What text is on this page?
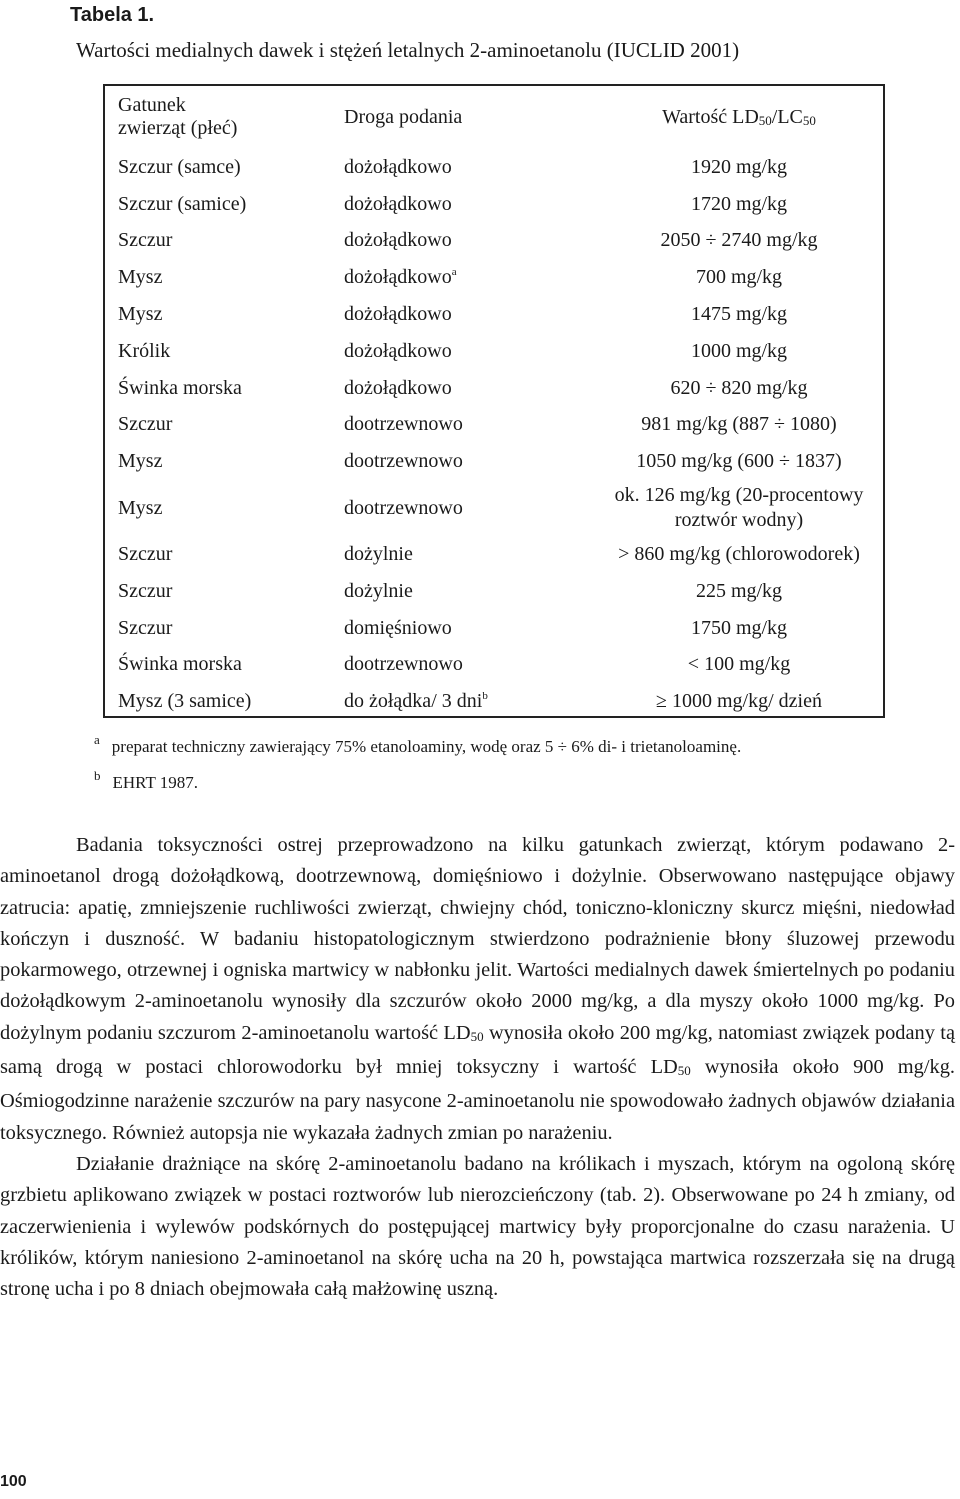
Tabela 1.
Wartości medialnych dawek i stężeń letalnych 2-aminoetanolu (IUCLID 2001)
Gatunek
zwierząt (płeć)	Droga podania	Wartość $LD_{50}/LC_{50}$
Szczur (samce)	dożołądkowo	1920 mg/kg
Szczur (samice)	dożołądkowo	1720 mg/kg
Szczur	dożołądkowo	2050 ÷ 2740 mg/kg
Mysz	dożołądkowo$^a$	700 mg/kg
Mysz	dożołądkowo	1475 mg/kg
Królik	dożołądkowo	1000 mg/kg
Świnka morska	dożołądkowo	620 ÷ 820 mg/kg
Szczur	dootrzewnowo	981 mg/kg (887 ÷ 1080)
Mysz	dootrzewnowo	1050 mg/kg (600 ÷ 1837)
Mysz	dootrzewnowo	ok. 126 mg/kg (20-procentowy
roztwór wodny)
Szczur	dożylnie	> 860 mg/kg (chlorowodorek)
Szczur	dożylnie	225 mg/kg
Szczur	domięśniowo	1750 mg/kg
Świnka morska	dootrzewnowo	< 100 mg/kg
Mysz (3 samice)	do żołądka/ 3 dni$^b$	≥ 1000 mg/kg/ dzień
$^a$ preparat techniczny zawierający 75% etanoloaminy, wodę oraz 5 ÷ 6% di- i trietanoloaminę.
$^b$ EHRT 1987.

Badania toksyczności ostrej przeprowadzono na kilku gatunkach zwierząt, którym podawano 2-aminoetanol drogą dożołądkową, dootrzewnową, domięśniowo i dożylnie. Obserwowano następujące objawy zatrucia: apatię, zmniejszenie ruchliwości zwierząt, chwiejny chód, toniczno-kloniczny skurcz mięśni, niedowład kończyn i duszność. W badaniu histopatologicznym stwierdzono podrażnienie błony śluzowej przewodu pokarmowego, otrzewnej i ogniska martwicy w nabłonku jelit. Wartości medialnych dawek śmiertelnych po podaniu dożołądkowym 2-aminoetanolu wynosiły dla szczurów około 2000 mg/kg, a dla myszy około 1000 mg/kg. Po dożylnym podaniu szczurom 2-aminoetanolu wartość $LD_{50}$ wynosiła około 200 mg/kg, natomiast związek podany tą samą drogą w postaci chlorowodorku był mniej toksyczny i wartość $LD_{50}$ wynosiła około 900 mg/kg. Ośmiogodzinne narażenie szczurów na pary nasycone 2-aminoetanolu nie spowodowało żadnych objawów działania toksycznego. Również autopsja nie wykazała żadnych zmian po narażeniu.

Działanie drażniące na skórę 2-aminoetanolu badano na królikach i myszach, którym na ogoloną skórę grzbietu aplikowano związek w postaci roztworów lub nierozcieńczony (tab. 2). Obserwowane po 24 h zmiany, od zaczerwienienia i wylewów podskórnych do postępującej martwicy były proporcjonalne do czasu narażenia. U królików, którym naniesiono 2-aminoetanol na skórę ucha na 20 h, powstająca martwica rozszerzała się na drugą stronę ucha i po 8 dniach obejmowała całą małżowinę uszną.

100
